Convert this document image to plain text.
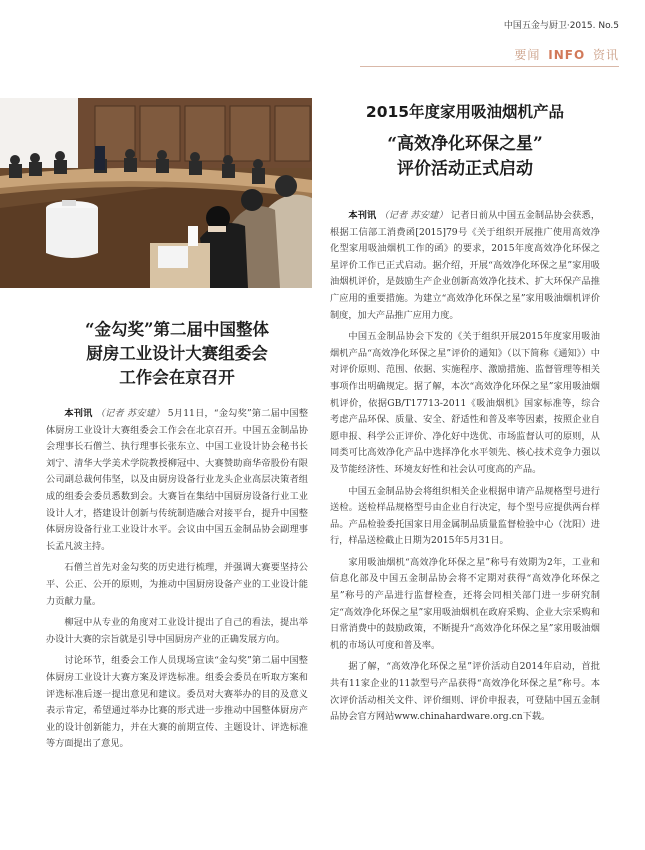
中国五金与厨卫·2015. No.5
要闻 INFO 资讯
“金勾奖”第二届中国整体
厨房工业设计大赛组委会
工作会在京召开

本刊讯 （记者 苏安建） 5月11日，“金勾奖”第二届中国整体厨房工业设计大赛组委会工作会在北京召开。中国五金制品协会理事长石僧兰、执行理事长张东立、中国工业设计协会秘书长刘宁、清华大学美术学院教授柳冠中、大赛赞助商华帝股份有限公司副总裁何伟坚，以及由厨房设备行业龙头企业高层决策者组成的组委会委员悉数到会。大赛旨在集结中国厨房设备行业工业设计人才，搭建设计创新与传统制造融合对接平台，提升中国整体厨房设备行业工业设计水平。会议由中国五金制品协会副理事长孟凡波主持。

石僧兰首先对金勾奖的历史进行梳理，并强调大赛要坚持公平、公正、公开的原则，为推动中国厨房设备产业的工业设计能力贡献力量。

柳冠中从专业的角度对工业设计提出了自己的看法，提出举办设计大赛的宗旨就是引导中国厨房产业的正确发展方向。

讨论环节，组委会工作人员现场宣读“金勾奖”第二届中国整体厨房工业设计大赛方案及评选标准。组委会委员在听取方案和评选标准后逐一提出意见和建议。委员对大赛举办的目的及意义表示肯定，希望通过举办比赛的形式进一步推动中国整体厨房产业的设计创新能力，并在大赛的前期宣传、主题设计、评选标准等方面提出了意见。

2015年度家用吸油烟机产品
“高效净化环保之星”
评价活动正式启动

本刊讯 （记者 苏安建） 记者日前从中国五金制品协会获悉，根据工信部工消费函[2015]79号《关于组织开展推广使用高效净化型家用吸油烟机工作的函》的要求，2015年度高效净化环保之星评价工作已正式启动。据介绍，开展“高效净化环保之星”家用吸油烟机评价，是鼓励生产企业创新高效净化技术、扩大环保产品推广应用的重要措施。为建立“高效净化环保之星”家用吸油烟机评价制度，加大产品推广应用力度。

中国五金制品协会下发的《关于组织开展2015年度家用吸油烟机产品“高效净化环保之星”评价的通知》（以下简称《通知》）中对评价原则、范围、依据、实施程序、激励措施、监督管理等相关事项作出明确规定。据了解，本次“高效净化环保之星”家用吸油烟机评价，依据GB/T17713-2011《吸油烟机》国家标准等，综合考虑产品环保、质量、安全、舒适性和普及率等因素，按照企业自愿申报、科学公正评价、净化好中选优、市场监督认可的原则，从同类可比高效净化产品中选择净化水平领先、核心技术竞争力强以及节能经济性、环境友好性和社会认可度高的产品。

中国五金制品协会将组织相关企业根据申请产品规格型号进行送检。送检样品规格型号由企业自行决定，每个型号应提供两台样品。产品检验委托国家日用金属制品质量监督检验中心（沈阳）进行，样品送检截止日期为2015年5月31日。

家用吸油烟机“高效净化环保之星”称号有效期为2年，工业和信息化部及中国五金制品协会将不定期对获得“高效净化环保之星”称号的产品进行监督检查，还将会同相关部门进一步研究制定“高效净化环保之星”家用吸油烟机在政府采购、企业大宗采购和日常消费中的鼓励政策，不断提升“高效净化环保之星”家用吸油烟机的市场认可度和普及率。

据了解，“高效净化环保之星”评价活动自2014年启动，首批共有11家企业的11款型号产品获得“高效净化环保之星”称号。本次评价活动相关文件、评价细则、评价申报表，可登陆中国五金制品协会官方网站www.chinahardware.org.cn下载。
